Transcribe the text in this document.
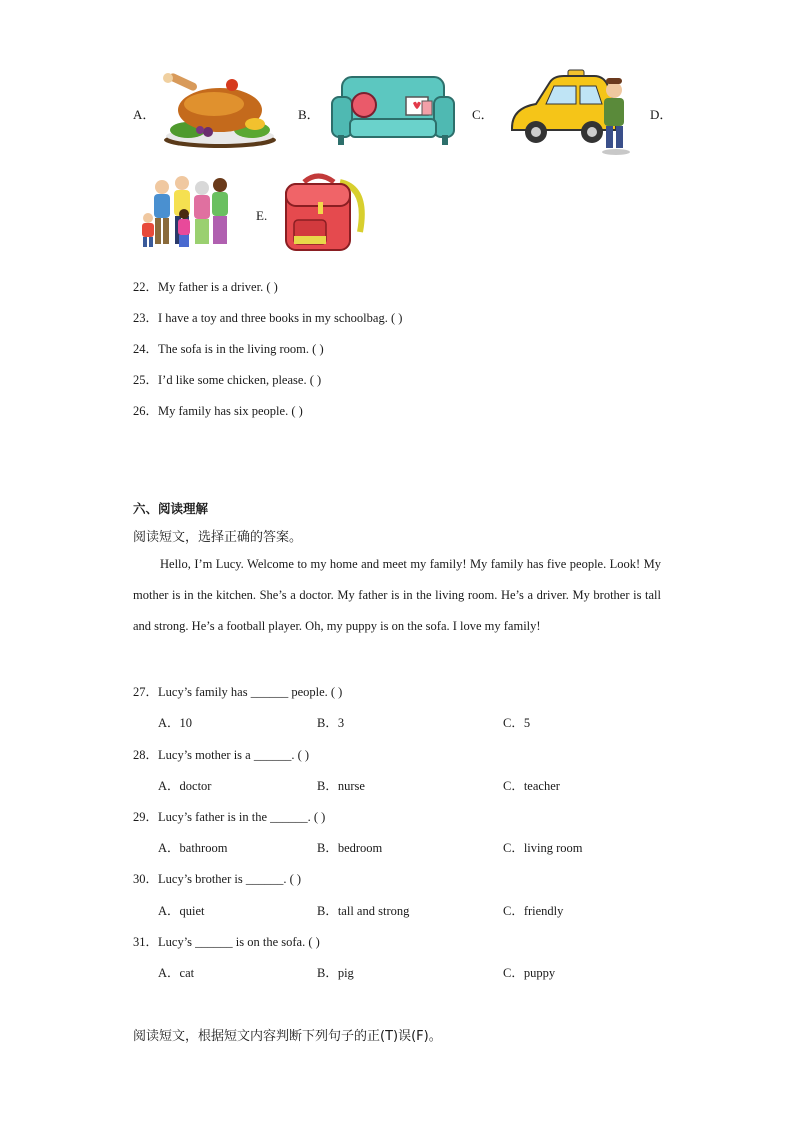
A．	B．	C．	D．
E.
22．My father is a driver. ( )
23．I have a toy and three books in my schoolbag. ( )
24．The sofa is in the living room. ( )
25．I’d like some chicken, please. ( )
26．My family has six people. ( )
六、阅读理解
阅读短文，选择正确的答案。
Hello, I’m Lucy. Welcome to my home and meet my family! My family has five people. Look! My mother is in the kitchen. She’s a doctor. My father is in the living room. He’s a driver. My brother is tall and strong. He’s a football player. Oh, my puppy is on the sofa. I love my family!
27．Lucy’s family has ______ people. ( )
A．10	B．3	C．5
28．Lucy’s mother is a ______. ( )
A．doctor	B．nurse	C．teacher
29．Lucy’s father is in the ______. ( )
A．bathroom	B．bedroom	C．living room
30．Lucy’s brother is ______. ( )
A．quiet	B．tall and strong	C．friendly
31．Lucy’s ______ is on the sofa. ( )
A．cat	B．pig	C．puppy
阅读短文，根据短文内容判断下列句子的正(T)误(F)。
